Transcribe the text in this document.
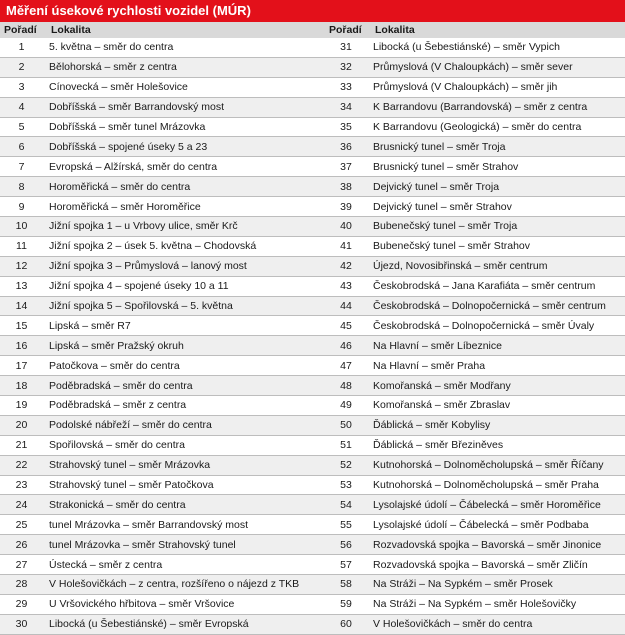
Měření úsekové rychlosti vozidel (MÚR)
Pořadí	Lokalita	Pořadí	Lokalita
1	5. května – směr do centra	31	Libocká (u Šebestiánské) – směr Vypich
2	Bělohorská – směr z centra	32	Průmyslová (V Chaloupkách) – směr sever
3	Cínovecká – směr Holešovice	33	Průmyslová (V Chaloupkách) – směr jih
4	Dobříšská – směr Barrandovský most	34	K Barrandovu (Barrandovská) – směr z centra
5	Dobříšská – směr tunel Mrázovka	35	K Barrandovu (Geologická) – směr do centra
6	Dobříšská – spojené úseky 5 a 23	36	Brusnický tunel – směr Troja
7	Evropská – Alžírská, směr do centra	37	Brusnický tunel – směr Strahov
8	Horoměřická – směr do centra	38	Dejvický tunel – směr Troja
9	Horoměřická – směr Horoměřice	39	Dejvický tunel – směr Strahov
10	Jižní spojka 1 – u Vrbovy ulice, směr Krč	40	Bubenečský tunel – směr Troja
11	Jižní spojka 2 – úsek 5. května – Chodovská	41	Bubenečský tunel – směr Strahov
12	Jižní spojka 3 – Průmyslová – lanový most	42	Újezd, Novosibřinská – směr centrum
13	Jižní spojka 4 – spojené úseky 10 a 11	43	Českobrodská – Jana Karafiáta – směr centrum
14	Jižní spojka 5 – Spořilovská – 5. května	44	Českobrodská – Dolnopočernická – směr centrum
15	Lipská – směr R7	45	Českobrodská – Dolnopočernická – směr Úvaly
16	Lipská – směr Pražský okruh	46	Na Hlavní – směr Líbeznice
17	Patočkova – směr do centra	47	Na Hlavní – směr Praha
18	Poděbradská – směr do centra	48	Komořanská – směr Modřany
19	Poděbradská – směr z centra	49	Komořanská – směr Zbraslav
20	Podolské nábřeží – směr do centra	50	Ďáblická – směr Kobylisy
21	Spořilovská – směr do centra	51	Ďáblická – směr Březiněves
22	Strahovský tunel – směr Mrázovka	52	Kutnohorská – Dolnoměcholupská – směr Říčany
23	Strahovský tunel – směr Patočkova	53	Kutnohorská – Dolnoměcholupská – směr Praha
24	Strakonická – směr do centra	54	Lysolajské údolí – Čábelecká – směr Horoměřice
25	tunel Mrázovka – směr Barrandovský most	55	Lysolajské údolí – Čábelecká – směr Podbaba
26	tunel Mrázovka – směr Strahovský tunel	56	Rozvadovská spojka – Bavorská – směr Jinonice
27	Ústecká – směr z centra	57	Rozvadovská spojka – Bavorská – směr Zličín
28	V Holešovičkách – z centra, rozšířeno o nájezd z TKB	58	Na Stráži – Na Sypkém – směr Prosek
29	U Vršovického hřbitova – směr Vršovice	59	Na Stráži – Na Sypkém – směr Holešovičky
30	Libocká (u Šebestiánské) – směr Evropská	60	V Holešovičkách – směr do centra
